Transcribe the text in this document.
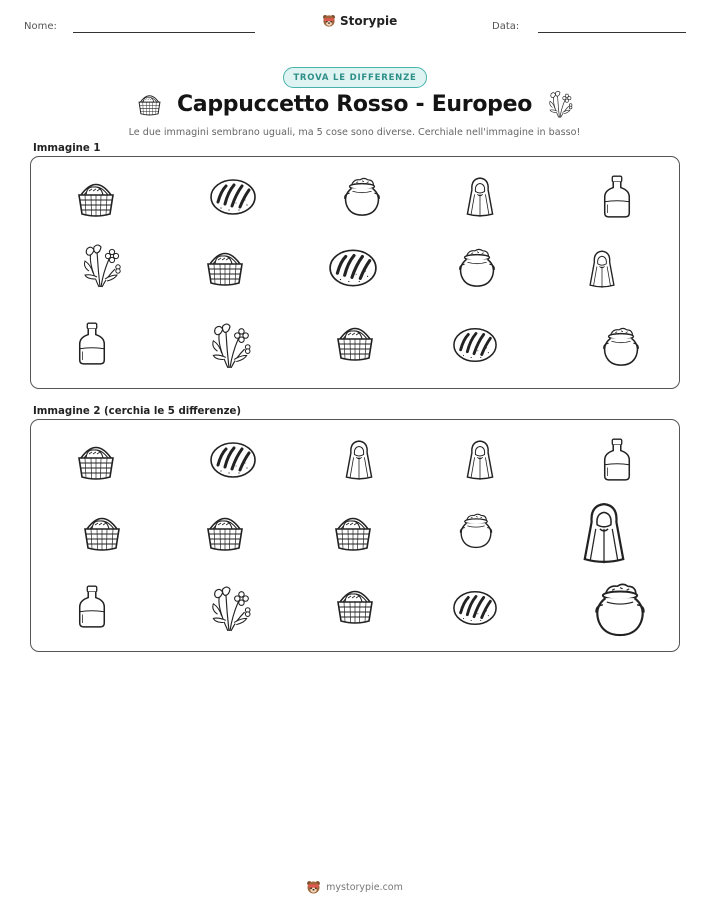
Nome:	Storypie	Data:
TROVA LE DIFFERENZE
Cappuccetto Rosso - Europeo
Le due immagini sembrano uguali, ma 5 cose sono diverse. Cerchiale nell'immagine in basso!
Immagine 1
Immagine 2 (cerchia le 5 differenze)
mystorypie.com
